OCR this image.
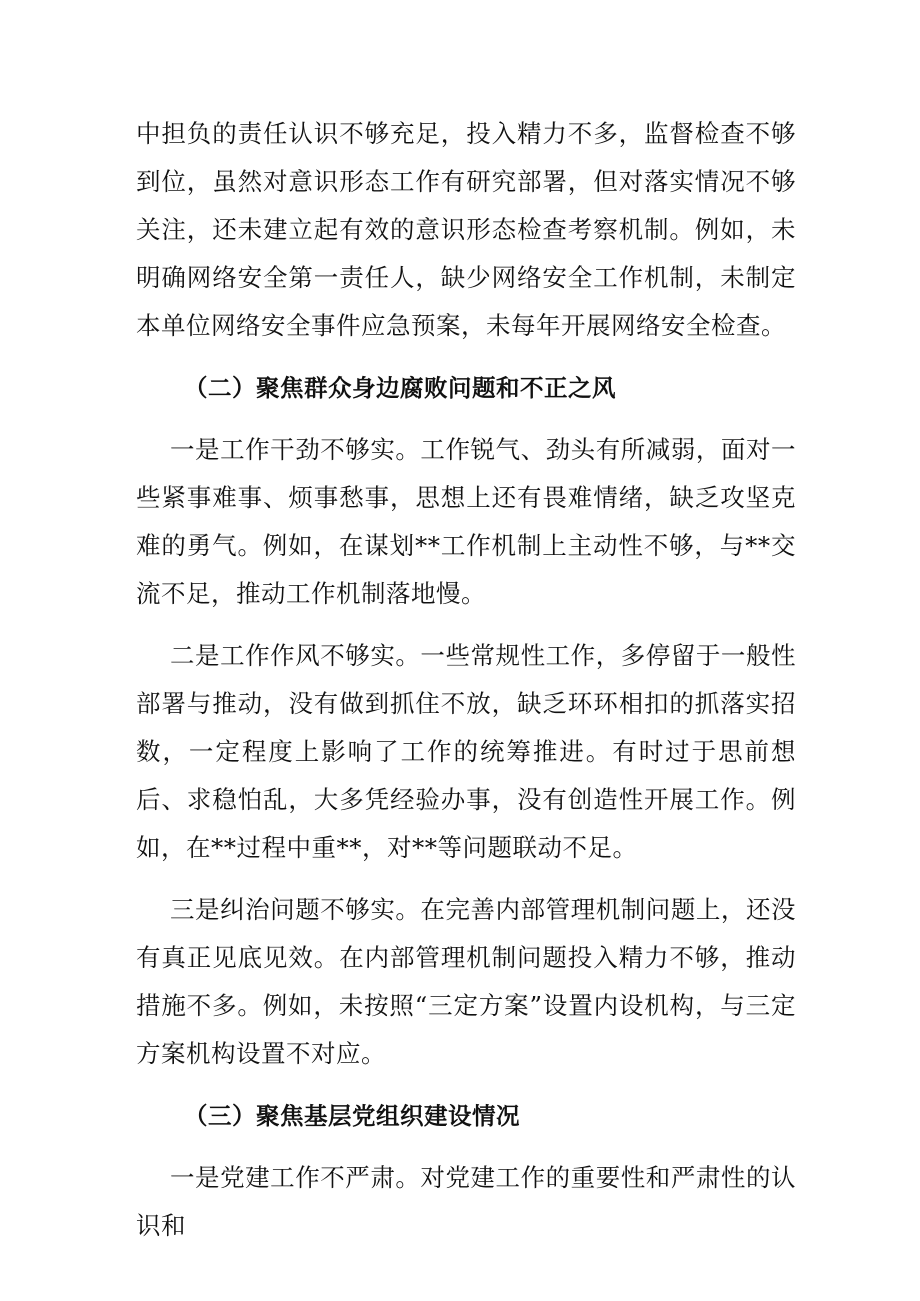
中担负的责任认识不够充足，投入精力不多，监督检查不够到位，虽然对意识形态工作有研究部署，但对落实情况不够关注，还未建立起有效的意识形态检查考察机制。例如，未明确网络安全第一责任人，缺少网络安全工作机制，未制定本单位网络安全事件应急预案，未每年开展网络安全检查。

（二）聚焦群众身边腐败问题和不正之风

一是工作干劲不够实。工作锐气、劲头有所减弱，面对一些紧事难事、烦事愁事，思想上还有畏难情绪，缺乏攻坚克难的勇气。例如，在谋划**工作机制上主动性不够，与**交流不足，推动工作机制落地慢。

二是工作作风不够实。一些常规性工作，多停留于一般性部署与推动，没有做到抓住不放，缺乏环环相扣的抓落实招数，一定程度上影响了工作的统筹推进。有时过于思前想后、求稳怕乱，大多凭经验办事，没有创造性开展工作。例如，在**过程中重**，对**等问题联动不足。

三是纠治问题不够实。在完善内部管理机制问题上，还没有真正见底见效。在内部管理机制问题投入精力不够，推动措施不多。例如，未按照“三定方案”设置内设机构，与三定方案机构设置不对应。

（三）聚焦基层党组织建设情况

一是党建工作不严肃。对党建工作的重要性和严肃性的认识和
